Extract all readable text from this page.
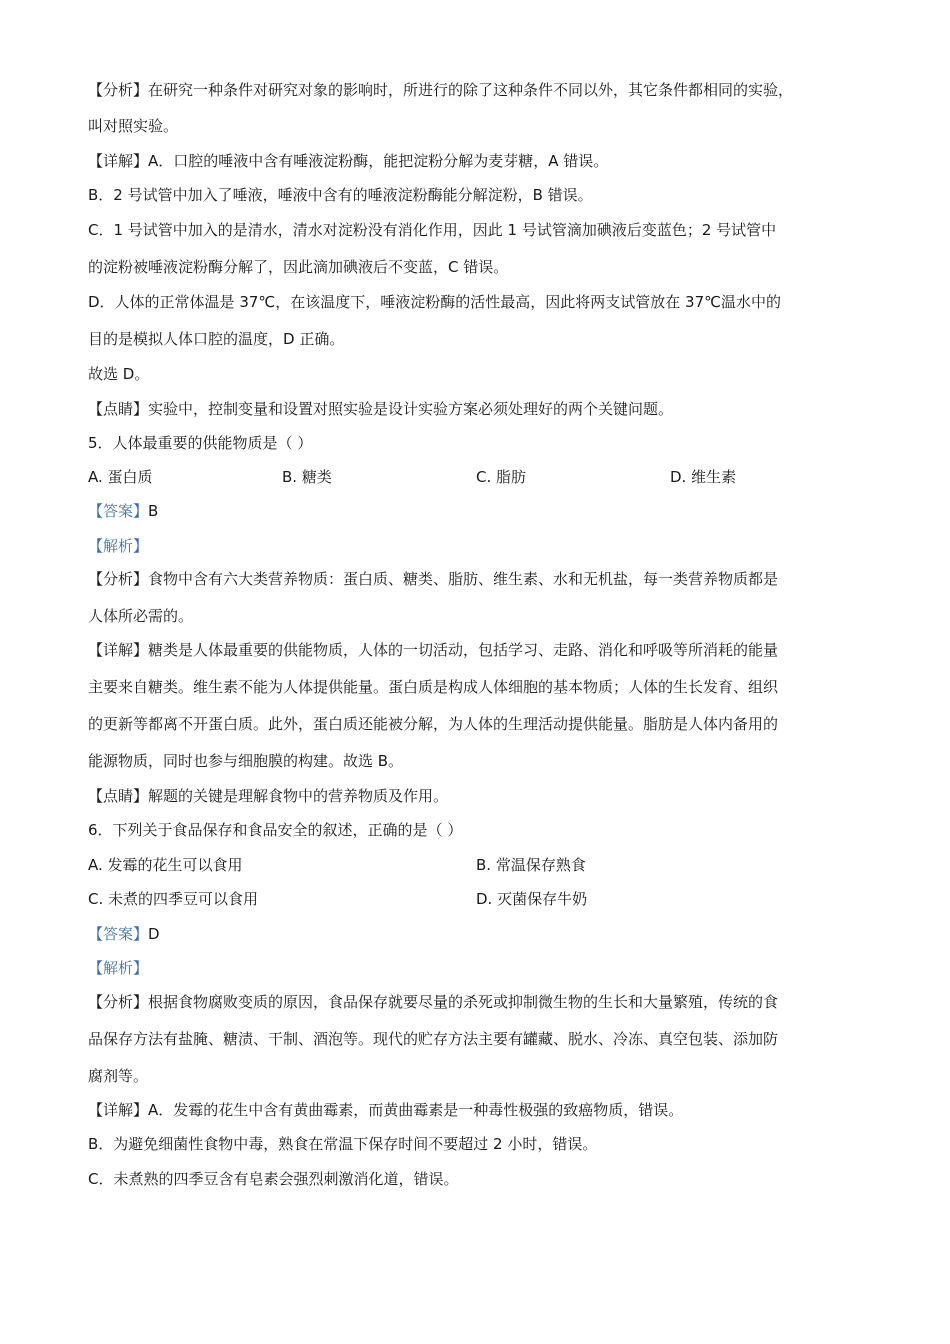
【分析】在研究一种条件对研究对象的影响时，所进行的除了这种条件不同以外，其它条件都相同的实验，
叫对照实验。
【详解】A．口腔的唾液中含有唾液淀粉酶，能把淀粉分解为麦芽糖，A 错误。
B．2 号试管中加入了唾液，唾液中含有的唾液淀粉酶能分解淀粉，B 错误。
C．1 号试管中加入的是清水，清水对淀粉没有消化作用，因此 1 号试管滴加碘液后变蓝色；2 号试管中
的淀粉被唾液淀粉酶分解了，因此滴加碘液后不变蓝，C 错误。
D．人体的正常体温是 37℃，在该温度下，唾液淀粉酶的活性最高，因此将两支试管放在 37℃温水中的
目的是模拟人体口腔的温度，D 正确。
故选 D。
【点睛】实验中，控制变量和设置对照实验是设计实验方案必须处理好的两个关键问题。
5．人体最重要的供能物质是（ ）
A. 蛋白质	B. 糖类	C. 脂肪	D. 维生素
【答案】B
【解析】
【分析】食物中含有六大类营养物质：蛋白质、糖类、脂肪、维生素、水和无机盐，每一类营养物质都是
人体所必需的。
【详解】糖类是人体最重要的供能物质，人体的一切活动，包括学习、走路、消化和呼吸等所消耗的能量
主要来自糖类。维生素不能为人体提供能量。蛋白质是构成人体细胞的基本物质；人体的生长发育、组织
的更新等都离不开蛋白质。此外，蛋白质还能被分解，为人体的生理活动提供能量。脂肪是人体内备用的
能源物质，同时也参与细胞膜的构建。故选 B。
【点睛】解题的关键是理解食物中的营养物质及作用。
6．下列关于食品保存和食品安全的叙述，正确的是（ ）
A. 发霉的花生可以食用	B. 常温保存熟食
C. 未煮的四季豆可以食用	D. 灭菌保存牛奶
【答案】D
【解析】
【分析】根据食物腐败变质的原因，食品保存就要尽量的杀死或抑制微生物的生长和大量繁殖，传统的食
品保存方法有盐腌、糖渍、干制、酒泡等。现代的贮存方法主要有罐藏、脱水、冷冻、真空包装、添加防
腐剂等。
【详解】A．发霉的花生中含有黄曲霉素，而黄曲霉素是一种毒性极强的致癌物质，错误。
B．为避免细菌性食物中毒，熟食在常温下保存时间不要超过 2 小时，错误。
C．未煮熟的四季豆含有皂素会强烈刺激消化道，错误。
